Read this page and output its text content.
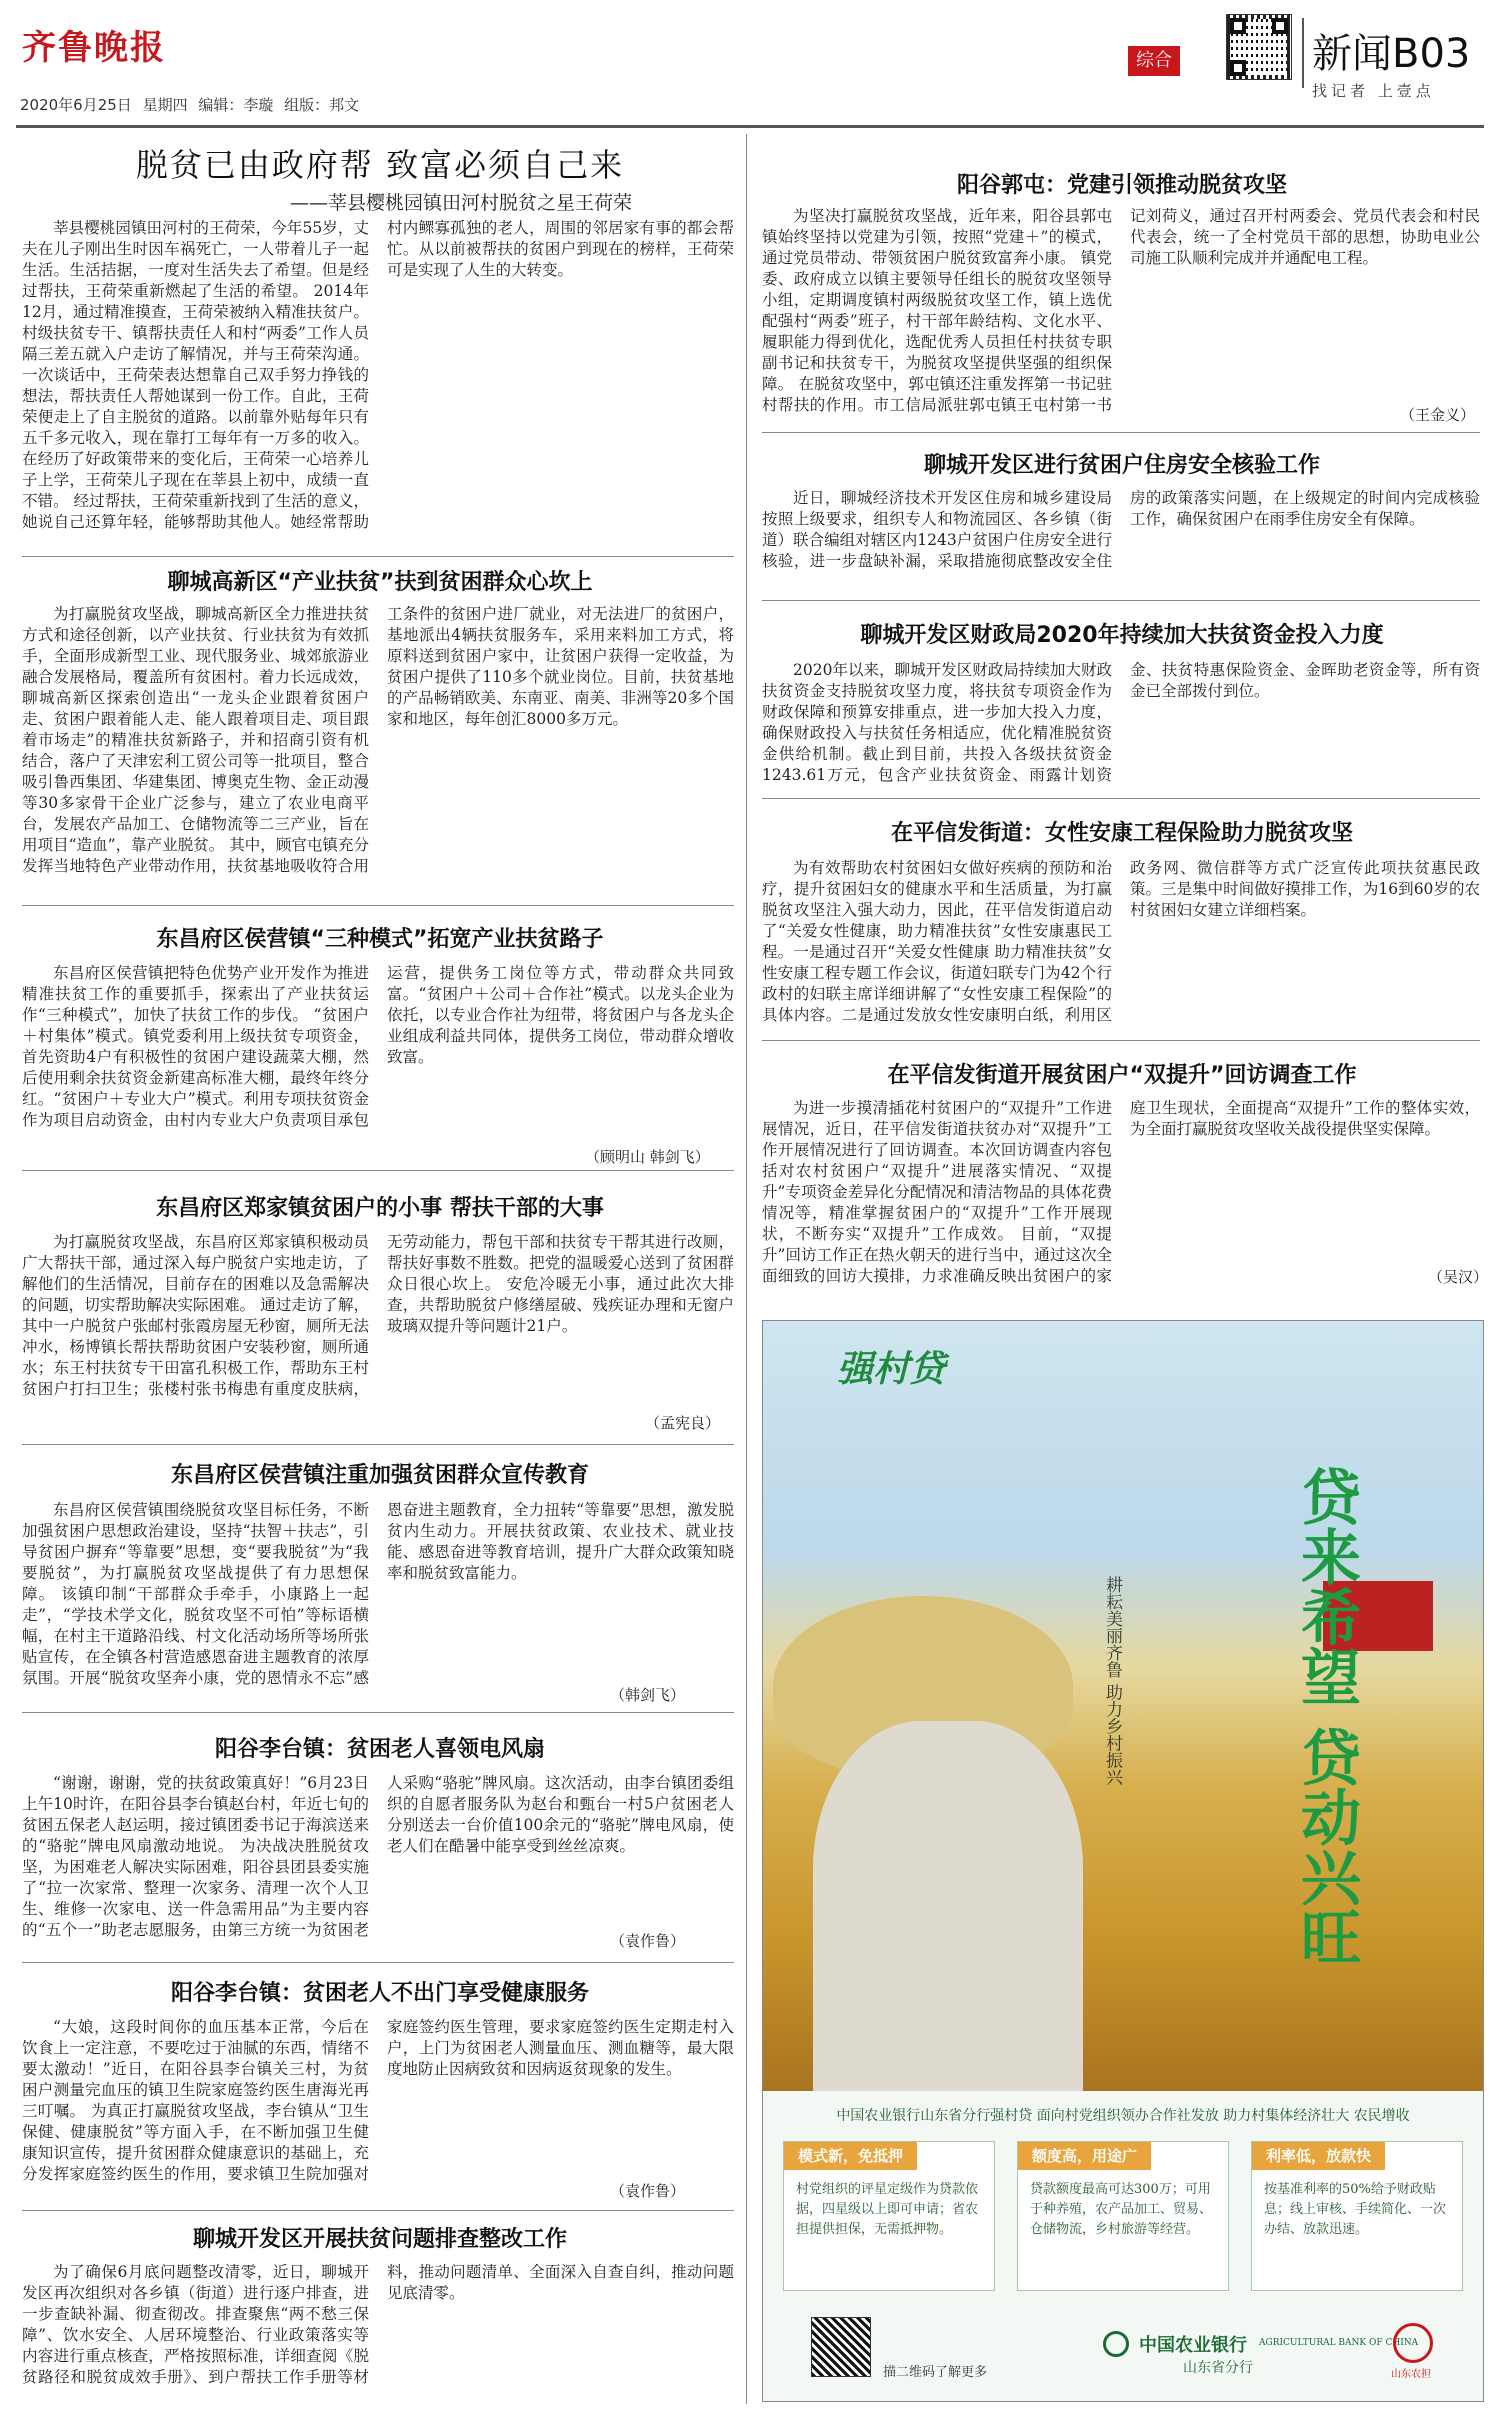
齐鲁晚报
2020年6月25日 星期四 编辑：李璇 组版：邦文
综合	新闻B03
找记者 上壹点
脱贫已由政府帮 致富必须自己来
——莘县樱桃园镇田河村脱贫之星王荷荣
莘县樱桃园镇田河村的王荷荣，今年55岁，丈夫在儿子刚出生时因车祸死亡，一人带着儿子一起生活。生活拮据，一度对生活失去了希望。但是经过帮扶，王荷荣重新燃起了生活的希望。 2014年12月，通过精准摸查，王荷荣被纳入精准扶贫户。村级扶贫专干、镇帮扶责任人和村“两委”工作人员隔三差五就入户走访了解情况，并与王荷荣沟通。一次谈话中，王荷荣表达想靠自己双手努力挣钱的想法，帮扶责任人帮她谋到一份工作。自此，王荷荣便走上了自主脱贫的道路。以前靠外贴每年只有五千多元收入，现在靠打工每年有一万多的收入。 在经历了好政策带来的变化后，王荷荣一心培养儿子上学，王荷荣儿子现在在莘县上初中，成绩一直不错。 经过帮扶，王荷荣重新找到了生活的意义，她说自己还算年轻，能够帮助其他人。她经常帮助村内鳏寡孤独的老人，周围的邻居家有事的都会帮忙。从以前被帮扶的贫困户到现在的榜样，王荷荣可是实现了人生的大转变。
聊城高新区“产业扶贫”扶到贫困群众心坎上
为打赢脱贫攻坚战，聊城高新区全力推进扶贫方式和途径创新，以产业扶贫、行业扶贫为有效抓手，全面形成新型工业、现代服务业、城郊旅游业融合发展格局，覆盖所有贫困村。着力长远成效，聊城高新区探索创造出“一龙头企业跟着贫困户走、贫困户跟着能人走、能人跟着项目走、项目跟着市场走”的精准扶贫新路子，并和招商引资有机结合，落户了天津宏利工贸公司等一批项目，整合吸引鲁西集团、华建集团、博奥克生物、金正动漫等30多家骨干企业广泛参与，建立了农业电商平台，发展农产品加工、仓储物流等二三产业，旨在用项目“造血”，靠产业脱贫。 其中，顾官屯镇充分发挥当地特色产业带动作用，扶贫基地吸收符合用工条件的贫困户进厂就业，对无法进厂的贫困户，基地派出4辆扶贫服务车，采用来料加工方式，将原料送到贫困户家中，让贫困户获得一定收益，为贫困户提供了110多个就业岗位。目前，扶贫基地的产品畅销欧美、东南亚、南美、非洲等20多个国家和地区，每年创汇8000多万元。
东昌府区侯营镇“三种模式”拓宽产业扶贫路子
东昌府区侯营镇把特色优势产业开发作为推进精准扶贫工作的重要抓手，探索出了产业扶贫运作“三种模式”，加快了扶贫工作的步伐。 “贫困户＋村集体”模式。镇党委利用上级扶贫专项资金，首先资助4户有积极性的贫困户建设蔬菜大棚，然后使用剩余扶贫资金新建高标准大棚，最终年终分红。“贫困户＋专业大户”模式。利用专项扶贫资金作为项目启动资金，由村内专业大户负责项目承包运营，提供务工岗位等方式，带动群众共同致富。“贫困户＋公司＋合作社”模式。以龙头企业为依托，以专业合作社为纽带，将贫困户与各龙头企业组成利益共同体，提供务工岗位，带动群众增收致富。
（顾明山 韩剑飞）
东昌府区郑家镇贫困户的小事 帮扶干部的大事
为打赢脱贫攻坚战，东昌府区郑家镇积极动员广大帮扶干部，通过深入每户脱贫户实地走访，了解他们的生活情况，目前存在的困难以及急需解决的问题，切实帮助解决实际困难。 通过走访了解，其中一户脱贫户张邮村张霞房屋无秒窗，厕所无法冲水，杨博镇长帮扶帮助贫困户安装秒窗，厕所通水；东王村扶贫专干田富孔积极工作，帮助东王村贫困户打扫卫生；张楼村张书梅患有重度皮肤病，无劳动能力，帮包干部和扶贫专干帮其进行改厕，帮扶好事数不胜数。把党的温暖爱心送到了贫困群众日很心坎上。 安危冷暖无小事，通过此次大排查，共帮助脱贫户修缮屋破、残疾证办理和无窗户玻璃双提升等问题计21户。
（孟宪良）
东昌府区侯营镇注重加强贫困群众宣传教育
东昌府区侯营镇围绕脱贫攻坚目标任务，不断加强贫困户思想政治建设，坚持“扶智＋扶志”，引导贫困户摒弃“等靠要”思想，变“要我脱贫”为“我要脱贫”，为打赢脱贫攻坚战提供了有力思想保障。 该镇印制“干部群众手牵手，小康路上一起走”，“学技术学文化，脱贫攻坚不可怕”等标语横幅，在村主干道路沿线、村文化活动场所等场所张贴宣传，在全镇各村营造感恩奋进主题教育的浓厚氛围。开展“脱贫攻坚奔小康，党的恩情永不忘”感恩奋进主题教育，全力扭转“等靠要”思想，激发脱贫内生动力。开展扶贫政策、农业技术、就业技能、感恩奋进等教育培训，提升广大群众政策知晓率和脱贫致富能力。
（韩剑飞）
阳谷李台镇：贫困老人喜领电风扇
“谢谢，谢谢，党的扶贫政策真好！”6月23日上午10时许，在阳谷县李台镇赵台村，年近七旬的贫困五保老人赵运明，接过镇团委书记于海滨送来的“骆驼”牌电风扇激动地说。 为决战决胜脱贫攻坚，为困难老人解决实际困难，阳谷县团县委实施了“拉一次家常、整理一次家务、清理一次个人卫生、维修一次家电、送一件急需用品”为主要内容的“五个一”助老志愿服务，由第三方统一为贫困老人采购“骆驼”牌风扇。这次活动，由李台镇团委组织的自愿者服务队为赵台和甄台一村5户贫困老人分别送去一台价值100余元的“骆驼”牌电风扇，使老人们在酷暑中能享受到丝丝凉爽。
（袁作鲁）
阳谷李台镇：贫困老人不出门享受健康服务
“大娘，这段时间你的血压基本正常，今后在饮食上一定注意，不要吃过于油腻的东西，情绪不要太激动！”近日，在阳谷县李台镇关三村，为贫困户测量完血压的镇卫生院家庭签约医生唐海光再三叮嘱。 为真正打赢脱贫攻坚战，李台镇从“卫生保健、健康脱贫”等方面入手，在不断加强卫生健康知识宣传，提升贫困群众健康意识的基础上，充分发挥家庭签约医生的作用，要求镇卫生院加强对家庭签约医生管理，要求家庭签约医生定期走村入户，上门为贫困老人测量血压、测血糖等，最大限度地防止因病致贫和因病返贫现象的发生。
（袁作鲁）
聊城开发区开展扶贫问题排查整改工作
为了确保6月底问题整改清零，近日，聊城开发区再次组织对各乡镇（街道）进行逐户排查，进一步查缺补漏、彻查彻改。排查聚焦“两不愁三保障”、饮水安全、人居环境整治、行业政策落实等内容进行重点核查，严格按照标准，详细查阅《脱贫路径和脱贫成效手册》、到户帮扶工作手册等材料，推动问题清单、全面深入自查自纠，推动问题见底清零。
阳谷郭屯：党建引领推动脱贫攻坚
为坚决打赢脱贫攻坚战，近年来，阳谷县郭屯镇始终坚持以党建为引领，按照“党建＋”的模式，通过党员带动、带领贫困户脱贫致富奔小康。 镇党委、政府成立以镇主要领导任组长的脱贫攻坚领导小组，定期调度镇村两级脱贫攻坚工作，镇上选优配强村“两委”班子，村干部年龄结构、文化水平、履职能力得到优化，选配优秀人员担任村扶贫专职副书记和扶贫专干，为脱贫攻坚提供坚强的组织保障。 在脱贫攻坚中，郭屯镇还注重发挥第一书记驻村帮扶的作用。市工信局派驻郭屯镇王屯村第一书记刘荷义，通过召开村两委会、党员代表会和村民代表会，统一了全村党员干部的思想，协助电业公司施工队顺利完成并并通配电工程。
（王金义）
聊城开发区进行贫困户住房安全核验工作
近日，聊城经济技术开发区住房和城乡建设局按照上级要求，组织专人和物流园区、各乡镇（街道）联合编组对辖区内1243户贫困户住房安全进行核验，进一步盘缺补漏，采取措施彻底整改安全住房的政策落实问题，在上级规定的时间内完成核验工作，确保贫困户在雨季住房安全有保障。
聊城开发区财政局2020年持续加大扶贫资金投入力度
2020年以来，聊城开发区财政局持续加大财政扶贫资金支持脱贫攻坚力度，将扶贫专项资金作为财政保障和预算安排重点，进一步加大投入力度，确保财政投入与扶贫任务相适应，优化精准脱贫资金供给机制。截止到目前，共投入各级扶贫资金1243.61万元，包含产业扶贫资金、雨露计划资金、扶贫特惠保险资金、金晖助老资金等，所有资金已全部拨付到位。
在平信发街道：女性安康工程保险助力脱贫攻坚
为有效帮助农村贫困妇女做好疾病的预防和治疗，提升贫困妇女的健康水平和生活质量，为打赢脱贫攻坚注入强大动力，因此，茌平信发街道启动了“关爱女性健康，助力精准扶贫”女性安康惠民工程。一是通过召开“关爱女性健康 助力精准扶贫”女性安康工程专题工作会议，街道妇联专门为42个行政村的妇联主席详细讲解了“女性安康工程保险”的具体内容。二是通过发放女性安康明白纸，利用区政务网、微信群等方式广泛宣传此项扶贫惠民政策。三是集中时间做好摸排工作，为16到60岁的农村贫困妇女建立详细档案。
在平信发街道开展贫困户“双提升”回访调查工作
为进一步摸清插花村贫困户的“双提升”工作进展情况，近日，茌平信发街道扶贫办对“双提升”工作开展情况进行了回访调查。本次回访调查内容包括对农村贫困户“双提升”进展落实情况、“双提升”专项资金差异化分配情况和清洁物品的具体花费情况等，精准掌握贫困户的“双提升”工作开展现状，不断夯实“双提升”工作成效。 目前，“双提升”回访工作正在热火朝天的进行当中，通过这次全面细致的回访大摸排，力求准确反映出贫困户的家庭卫生现状，全面提高“双提升”工作的整体实效，为全面打赢脱贫攻坚收关战役提供坚实保障。
（吴汉）
强村贷
贷来希望 贷动兴旺
耕耘美丽齐鲁 助力乡村振兴
中国农业银行山东省分行强村贷 面向村党组织领办合作社发放 助力村集体经济壮大 农民增收
模式新，免抵押
村党组织的评星定级作为贷款依据，四星级以上即可申请；省农担提供担保，无需抵押物。
额度高，用途广
贷款额度最高可达300万；可用于种养殖，农产品加工、贸易、仓储物流，乡村旅游等经营。
利率低，放款快
按基准利率的50%给予财政贴息；线上审核、手续简化、一次办结、放款迅速。
描二维码了解更多
中国农业银行 AGRICULTURAL BANK OF CHINA
山东省分行	山东农担
